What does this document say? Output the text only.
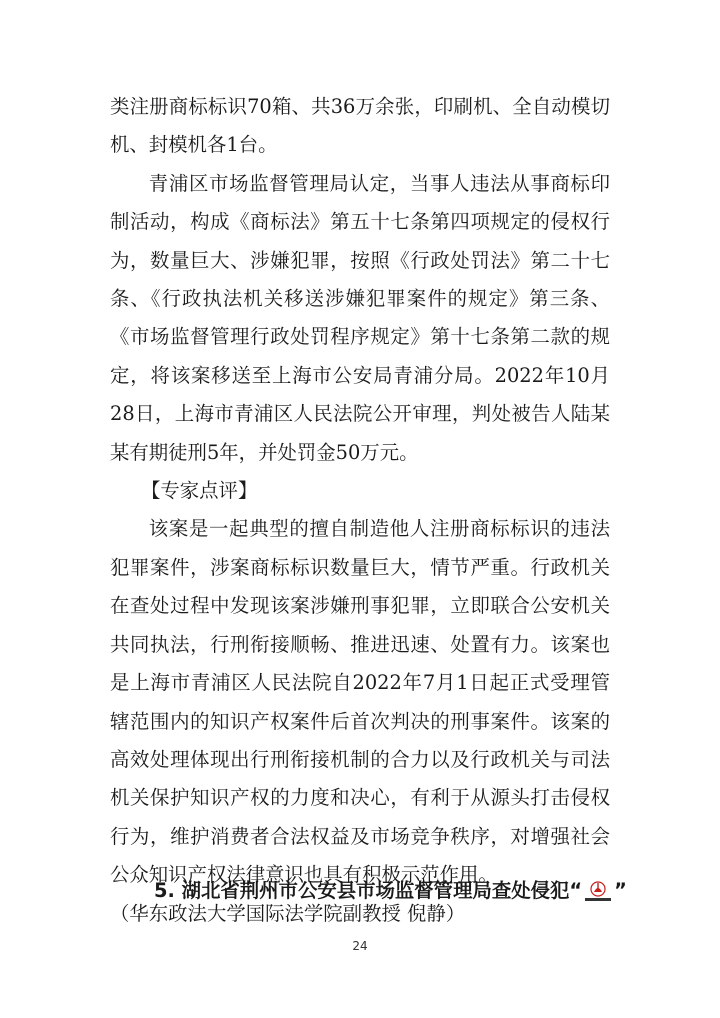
类注册商标标识70箱、共36万余张，印刷机、全自动模切机、封模机各1台。

青浦区市场监督管理局认定，当事人违法从事商标印制活动，构成《商标法》第五十七条第四项规定的侵权行为，数量巨大、涉嫌犯罪，按照《行政处罚法》第二十七条、《行政执法机关移送涉嫌犯罪案件的规定》第三条、《市场监督管理行政处罚程序规定》第十七条第二款的规定，将该案移送至上海市公安局青浦分局。2022年10月28日，上海市青浦区人民法院公开审理，判处被告人陆某某有期徒刑5年，并处罚金50万元。

【专家点评】

该案是一起典型的擅自制造他人注册商标标识的违法犯罪案件，涉案商标标识数量巨大，情节严重。行政机关在查处过程中发现该案涉嫌刑事犯罪，立即联合公安机关共同执法，行刑衔接顺畅、推进迅速、处置有力。该案也是上海市青浦区人民法院自2022年7月1日起正式受理管辖范围内的知识产权案件后首次判决的刑事案件。该案的高效处理体现出行刑衔接机制的合力以及行政机关与司法机关保护知识产权的力度和决心，有利于从源头打击侵权行为，维护消费者合法权益及市场竞争秩序，对增强社会公众知识产权法律意识也具有积极示范作用。

（华东政法大学国际法学院副教授 倪静）

5. 湖北省荆州市公安县市场监督管理局查处侵犯“ ”
24
